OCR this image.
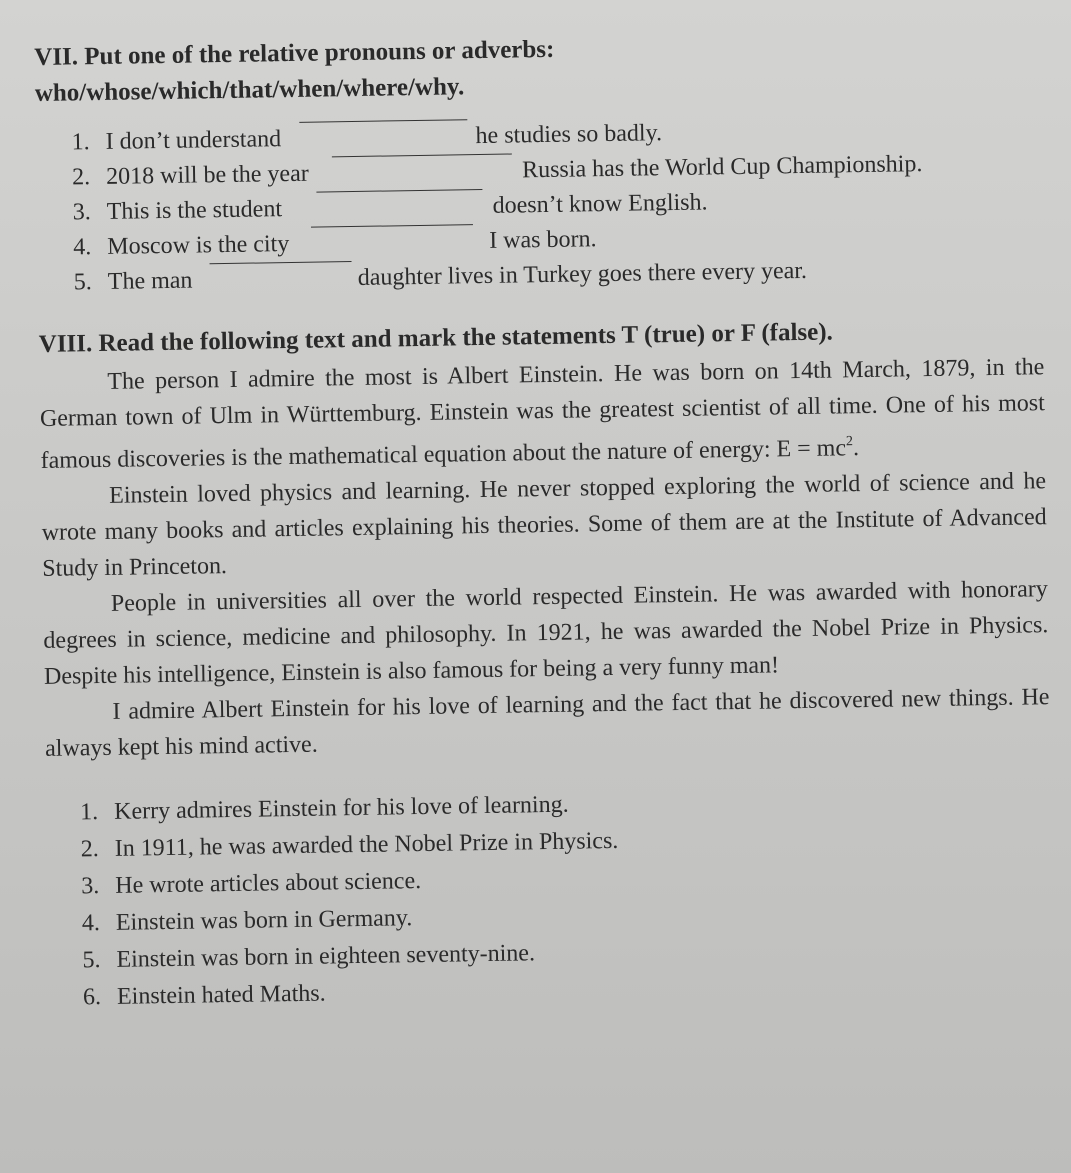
VII. Put one of the relative pronouns or adverbs:

who/whose/which/that/when/where/why.

1. I don’t understand	he studies so badly.
2. 2018 will be the year	Russia has the World Cup Championship.
3. This is the student	doesn’t know English.
4. Moscow is the city	I was born.
5. The man	daughter lives in Turkey goes there every year.

VIII. Read the following text and mark the statements T (true) or F (false).

The person I admire the most is Albert Einstein. He was born on 14th March, 1879, in the German town of Ulm in Württemburg. Einstein was the greatest scientist of all time. One of his most famous discoveries is the mathematical equation about the nature of energy: $E = mc^2$.

Einstein loved physics and learning. He never stopped exploring the world of science and he wrote many books and articles explaining his theories. Some of them are at the Institute of Advanced Study in Princeton.

People in universities all over the world respected Einstein. He was awarded with honorary degrees in science, medicine and philosophy. In 1921, he was awarded the Nobel Prize in Physics. Despite his intelligence, Einstein is also famous for being a very funny man!

I admire Albert Einstein for his love of learning and the fact that he discovered new things. He always kept his mind active.

1. Kerry admires Einstein for his love of learning.
2. In 1911, he was awarded the Nobel Prize in Physics.
3. He wrote articles about science.
4. Einstein was born in Germany.
5. Einstein was born in eighteen seventy-nine.
6. Einstein hated Maths.
